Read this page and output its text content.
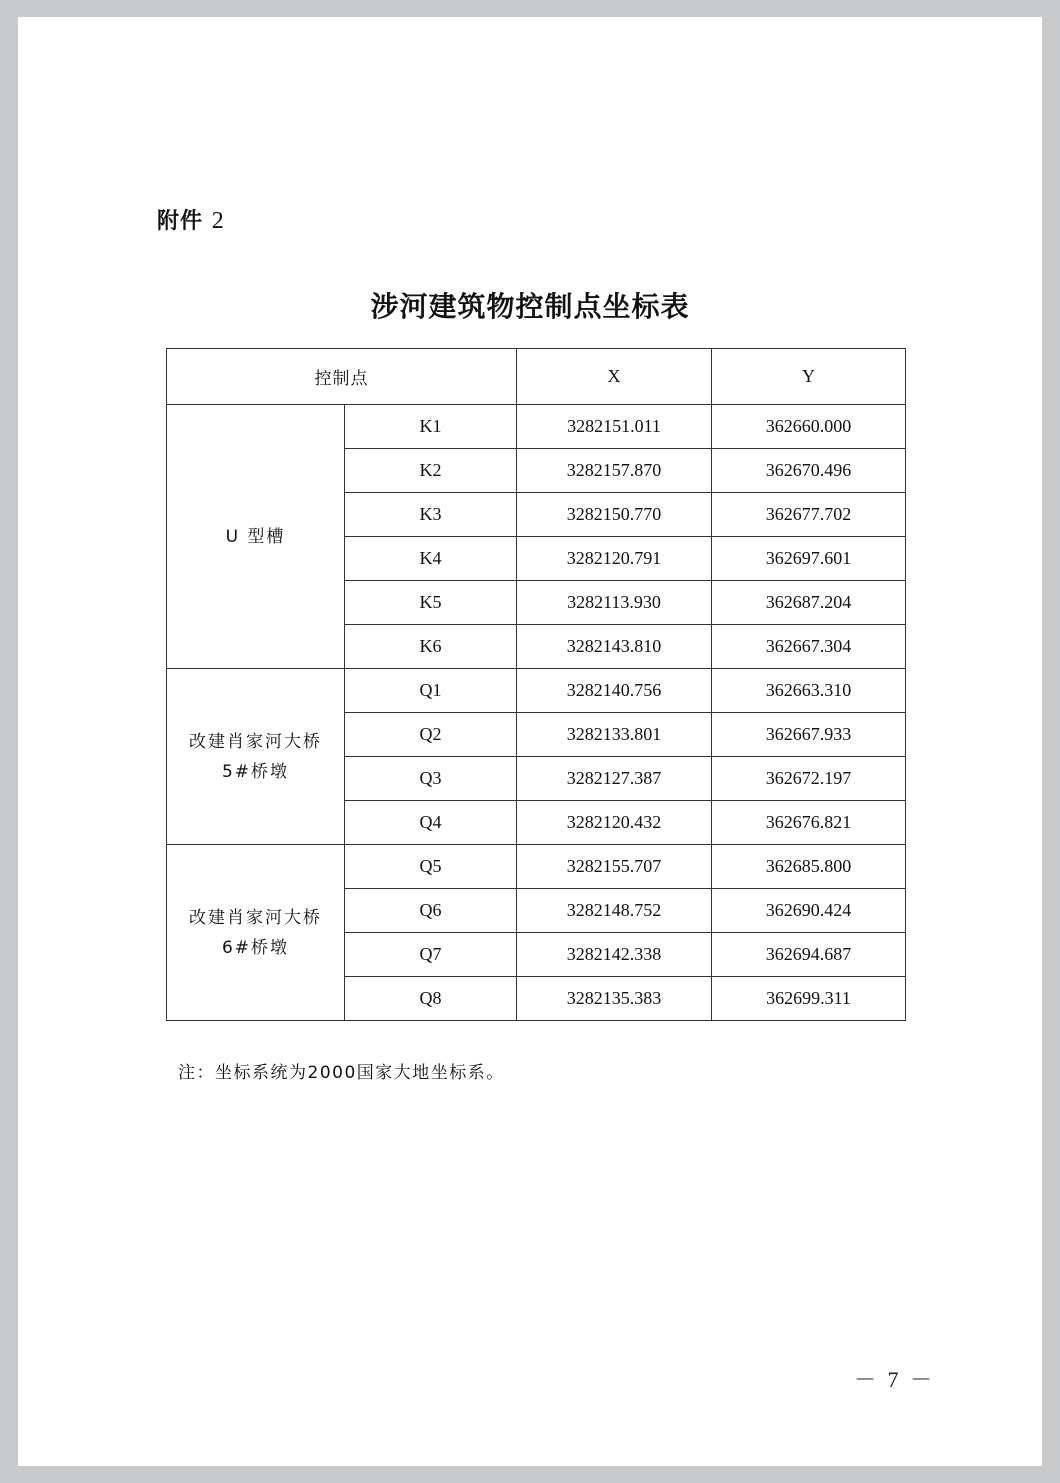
附件 2
涉河建筑物控制点坐标表
控制点		X	Y

U 型槽	K1	3282151.011	362660.000
	K2	3282157.870	362670.496
	K3	3282150.770	362677.702
	K4	3282120.791	362697.601
	K5	3282113.930	362687.204
	K6	3282143.810	362667.304

改建肖家河大桥
5#桥墩	Q1	3282140.756	362663.310
	Q2	3282133.801	362667.933
	Q3	3282127.387	362672.197
	Q4	3282120.432	362676.821

改建肖家河大桥
6#桥墩	Q5	3282155.707	362685.800
	Q6	3282148.752	362690.424
	Q7	3282142.338	362694.687
	Q8	3282135.383	362699.311
注：坐标系统为2000国家大地坐标系。
－ 7 －
